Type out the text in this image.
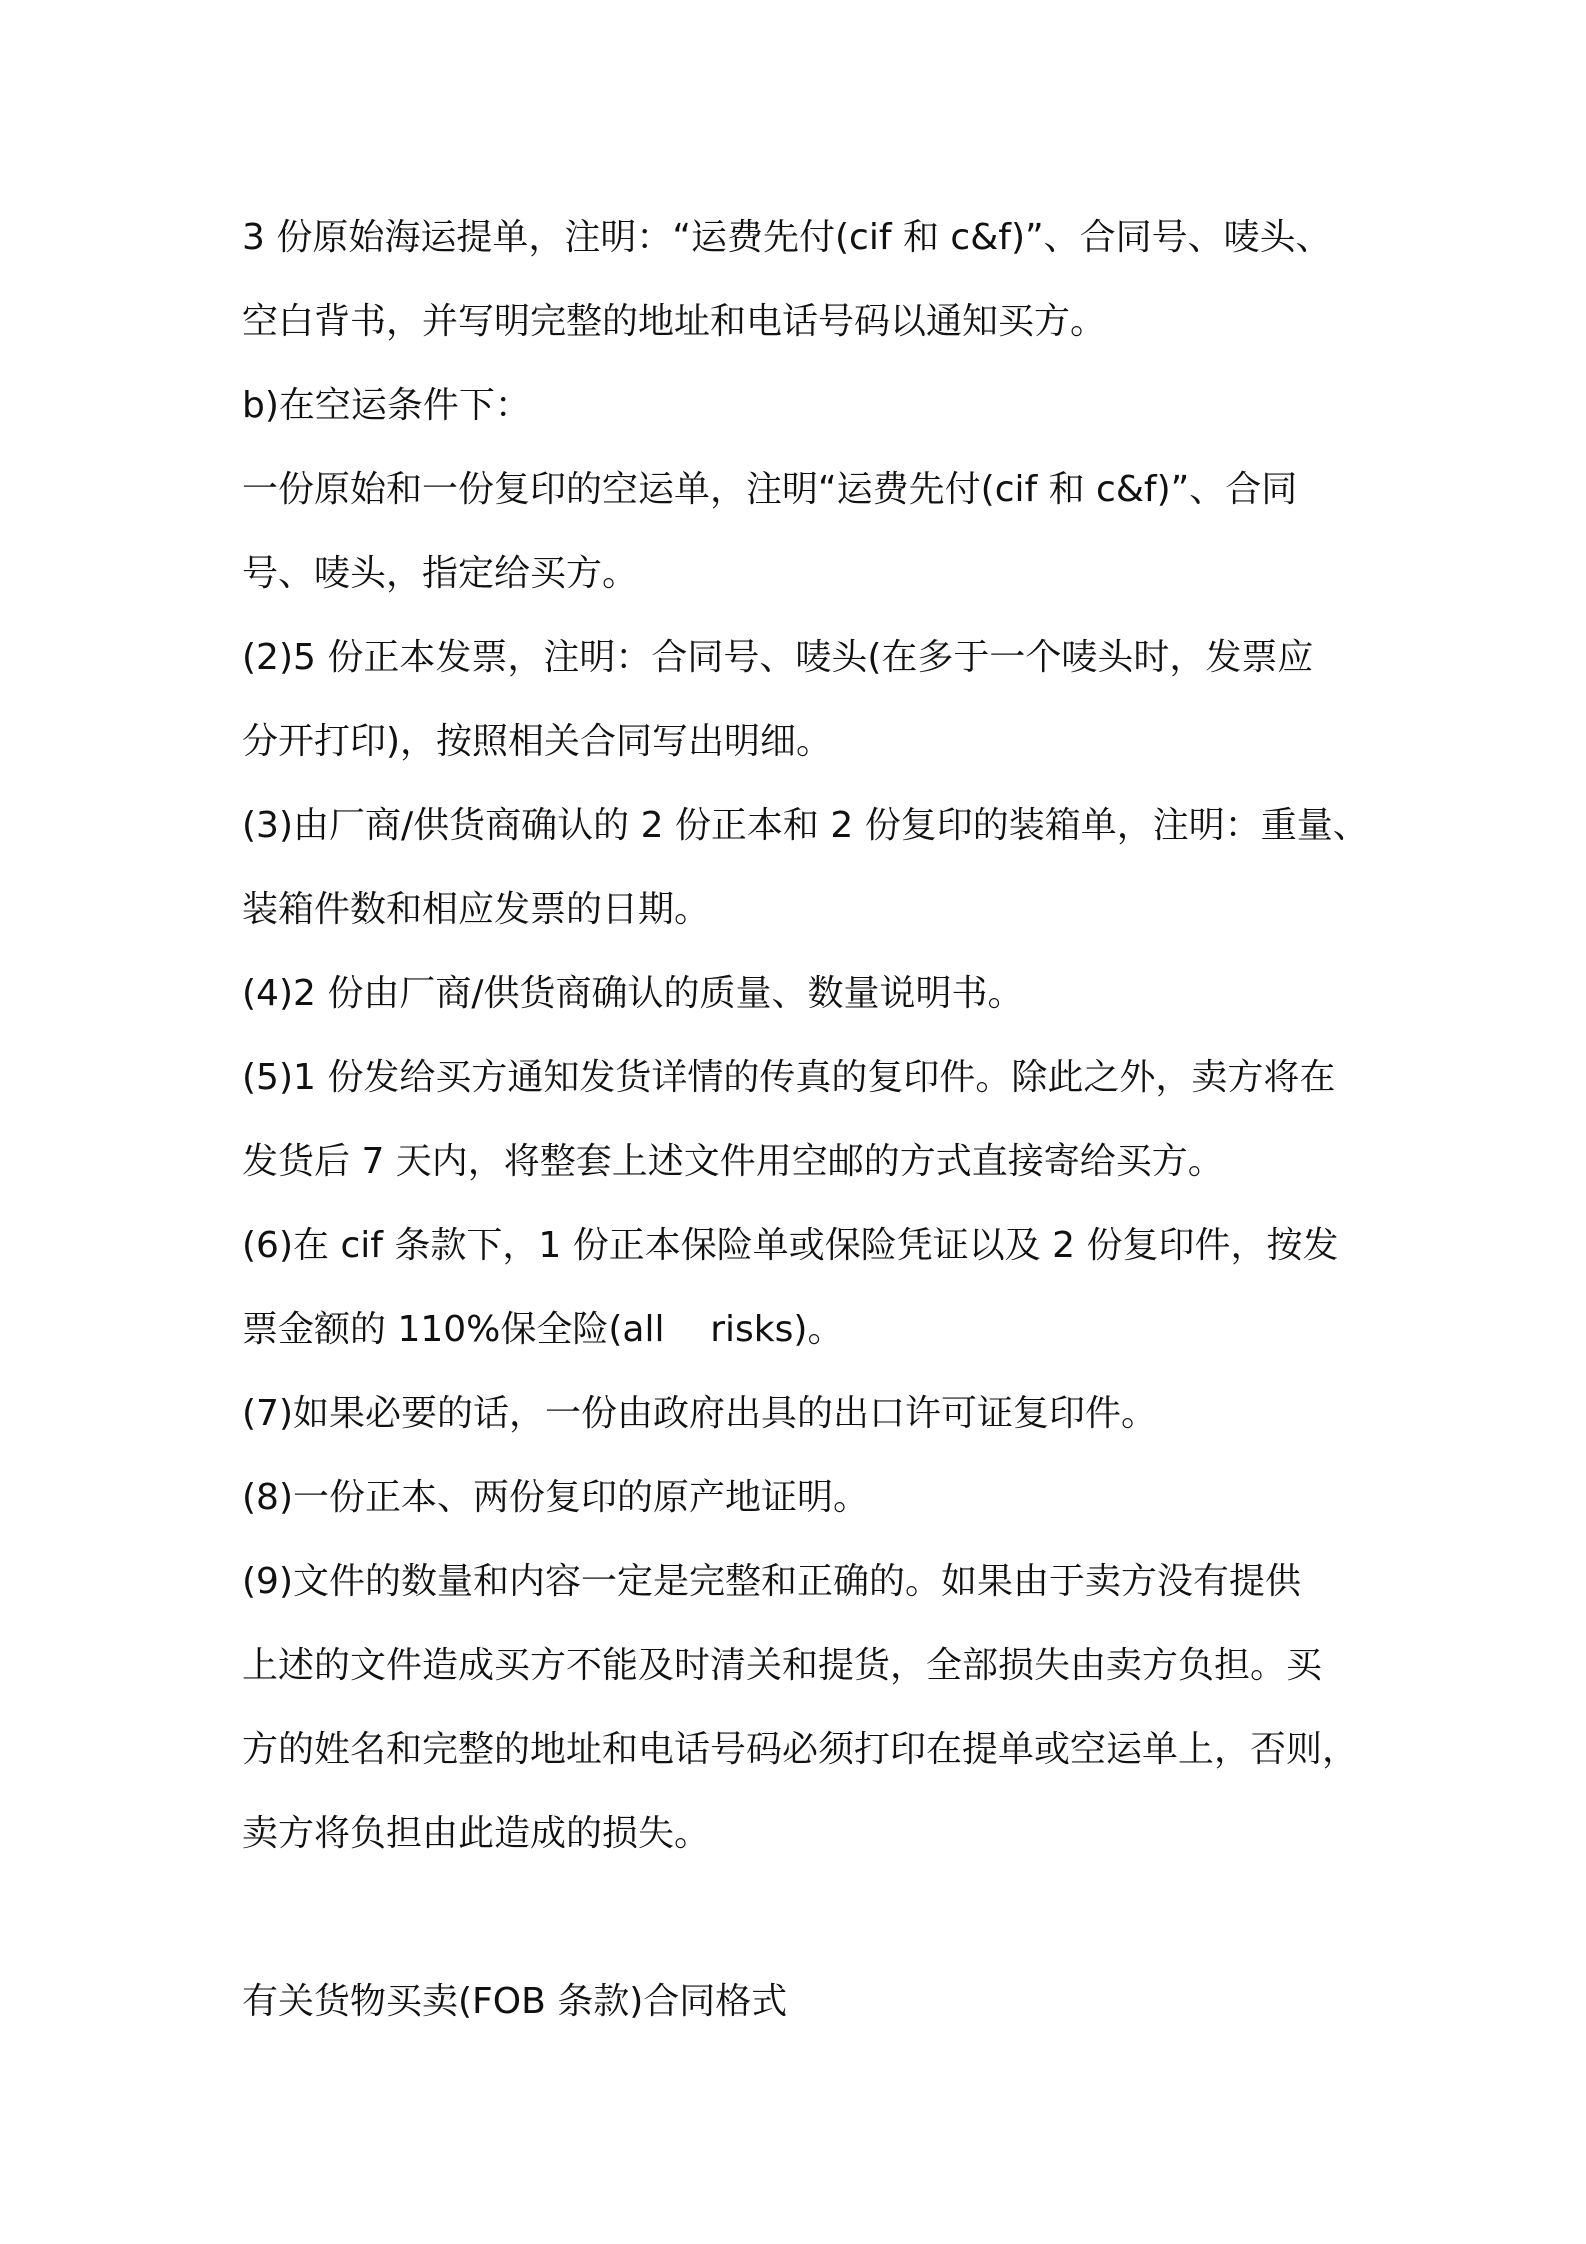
3 份原始海运提单，注明：“运费先付(cif 和 c&f)”、合同号、唛头、
空白背书，并写明完整的地址和电话号码以通知买方。
b)在空运条件下：
一份原始和一份复印的空运单，注明“运费先付(cif 和 c&f)”、合同
号、唛头，指定给买方。
(2)5 份正本发票，注明：合同号、唛头(在多于一个唛头时，发票应
分开打印)，按照相关合同写出明细。
(3)由厂商/供货商确认的 2 份正本和 2 份复印的装箱单，注明：重量、
装箱件数和相应发票的日期。
(4)2 份由厂商/供货商确认的质量、数量说明书。
(5)1 份发给买方通知发货详情的传真的复印件。除此之外，卖方将在
发货后 7 天内，将整套上述文件用空邮的方式直接寄给买方。
(6)在 cif 条款下，1 份正本保险单或保险凭证以及 2 份复印件，按发
票金额的 110%保全险(all    risks)。
(7)如果必要的话，一份由政府出具的出口许可证复印件。
(8)一份正本、两份复印的原产地证明。
(9)文件的数量和内容一定是完整和正确的。如果由于卖方没有提供
上述的文件造成买方不能及时清关和提货，全部损失由卖方负担。买
方的姓名和完整的地址和电话号码必须打印在提单或空运单上，否则，
卖方将负担由此造成的损失。
有关货物买卖(FOB 条款)合同格式
